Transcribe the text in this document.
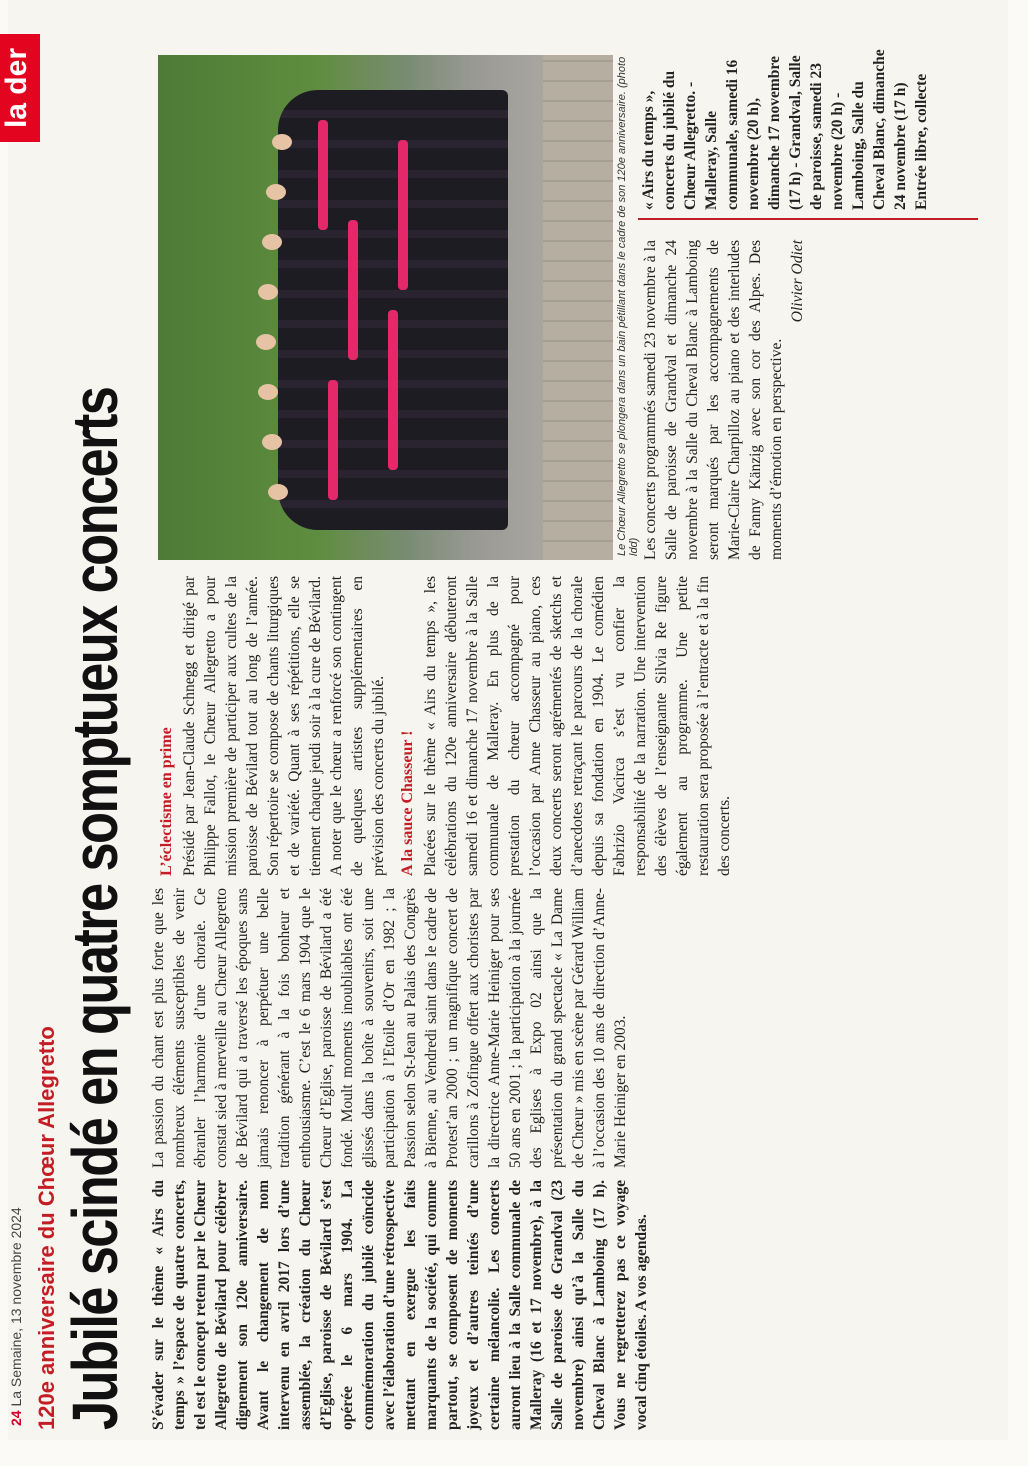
24 La Semaine, 13 novembre 2024
la der
120e anniversaire du Chœur Allegretto Jubilé scindé en quatre somptueux concerts S’évader sur le thème « Airs du temps » l’espace de quatre concerts, tel est le concept retenu par le Chœur Allegretto de Bévilard pour célébrer dignement son 120e anniversaire. Avant le changement de nom intervenu en avril 2017 lors d’une assemblée, la création du Chœur d’Eglise, paroisse de Bévilard s’est opérée le 6 mars 1904. La commémoration du jubilé coïncide avec l’élaboration d’une rétrospective mettant en exergue les faits marquants de la société, qui comme partout, se composent de moments joyeux et d’autres teintés d’une certaine mélancolie. Les concerts auront lieu à la Salle communale de Malleray (16 et 17 novembre), à la Salle de paroisse de Grandval (23 novembre) ainsi qu’à la Salle du Cheval Blanc à Lamboing (17 h). Vous ne regretterez pas ce voyage vocal cinq étoiles. A vos agendas.

La passion du chant est plus forte que les nombreux éléments susceptibles de venir ébranler l’harmonie d’une chorale. Ce constat sied à merveille au Chœur Allegretto de Bévilard qui a traversé les époques sans jamais renoncer à perpétuer une belle tradition générant à la fois bonheur et enthousiasme. C’est le 6 mars 1904 que le Chœur d’Eglise, paroisse de Bévilard a été fondé. Moult moments inoubliables ont été glissés dans la boîte à souvenirs, soit une participation à l’Etoile d’Or en 1982 ; la Passion selon St-Jean au Palais des Congrès à Bienne, au Vendredi saint dans le cadre de Protest’an 2000 ; un magnifique concert de carillons à Zofingue offert aux choristes par la directrice Anne-Marie Heiniger pour ses 50 ans en 2001 ; la participation à la journée des Eglises à Expo 02 ainsi que la présentation du grand spectacle « La Dame de Chœur » mis en scène par Gérard William à l’occasion des 10 ans de direction d’Anne-Marie Heiniger en 2003.

L’éclectisme en prime Présidé par Jean-Claude Schnegg et dirigé par Philippe Fallot, le Chœur Allegretto a pour mission première de participer aux cultes de la paroisse de Bévilard tout au long de l’année. Son répertoire se compose de chants liturgiques et de variété. Quant à ses répétitions, elle se tiennent chaque jeudi soir à la cure de Bévilard. A noter que le chœur a renforcé son contingent de quelques artistes supplémentaires en prévision des concerts du jubilé. A la sauce Chasseur ! Placées sur le thème « Airs du temps », les célébrations du 120e anniversaire débuteront samedi 16 et dimanche 17 novembre à la Salle communale de Malleray. En plus de la prestation du chœur accompagné pour l’occasion par Anne Chasseur au piano, ces deux concerts seront agrémentés de sketchs et d’anecdotes retraçant le parcours de la chorale depuis sa fondation en 1904. Le comédien Fabrizio Vacirca s’est vu confier la responsabilité de la narration. Une intervention des élèves de l’enseignante Silvia Re figure également au programme. Une petite restauration sera proposée à l’entracte et à la fin des concerts.

Le Chœur Allegretto se plongera dans un bain pétillant dans le cadre de son 120e anniversaire. (photo ldd) Les concerts programmés samedi 23 novembre à la Salle de paroisse de Grandval et dimanche 24 novembre à la Salle du Cheval Blanc à Lamboing seront marqués par les accompagnements de Marie-Claire Charpilloz au piano et des interludes de Fanny Känzig avec son cor des Alpes. Des moments d’émotion en perspective.

Olivier Odiet

« Airs du temps », concerts du jubilé du Chœur Allegretto. - Malleray, Salle communale, samedi 16 novembre (20 h), dimanche 17 novembre (17 h) - Grandval, Salle de paroisse, samedi 23 novembre (20 h) - Lamboing, Salle du Cheval Blanc, dimanche 24 novembre (17 h) Entrée libre, collecte
